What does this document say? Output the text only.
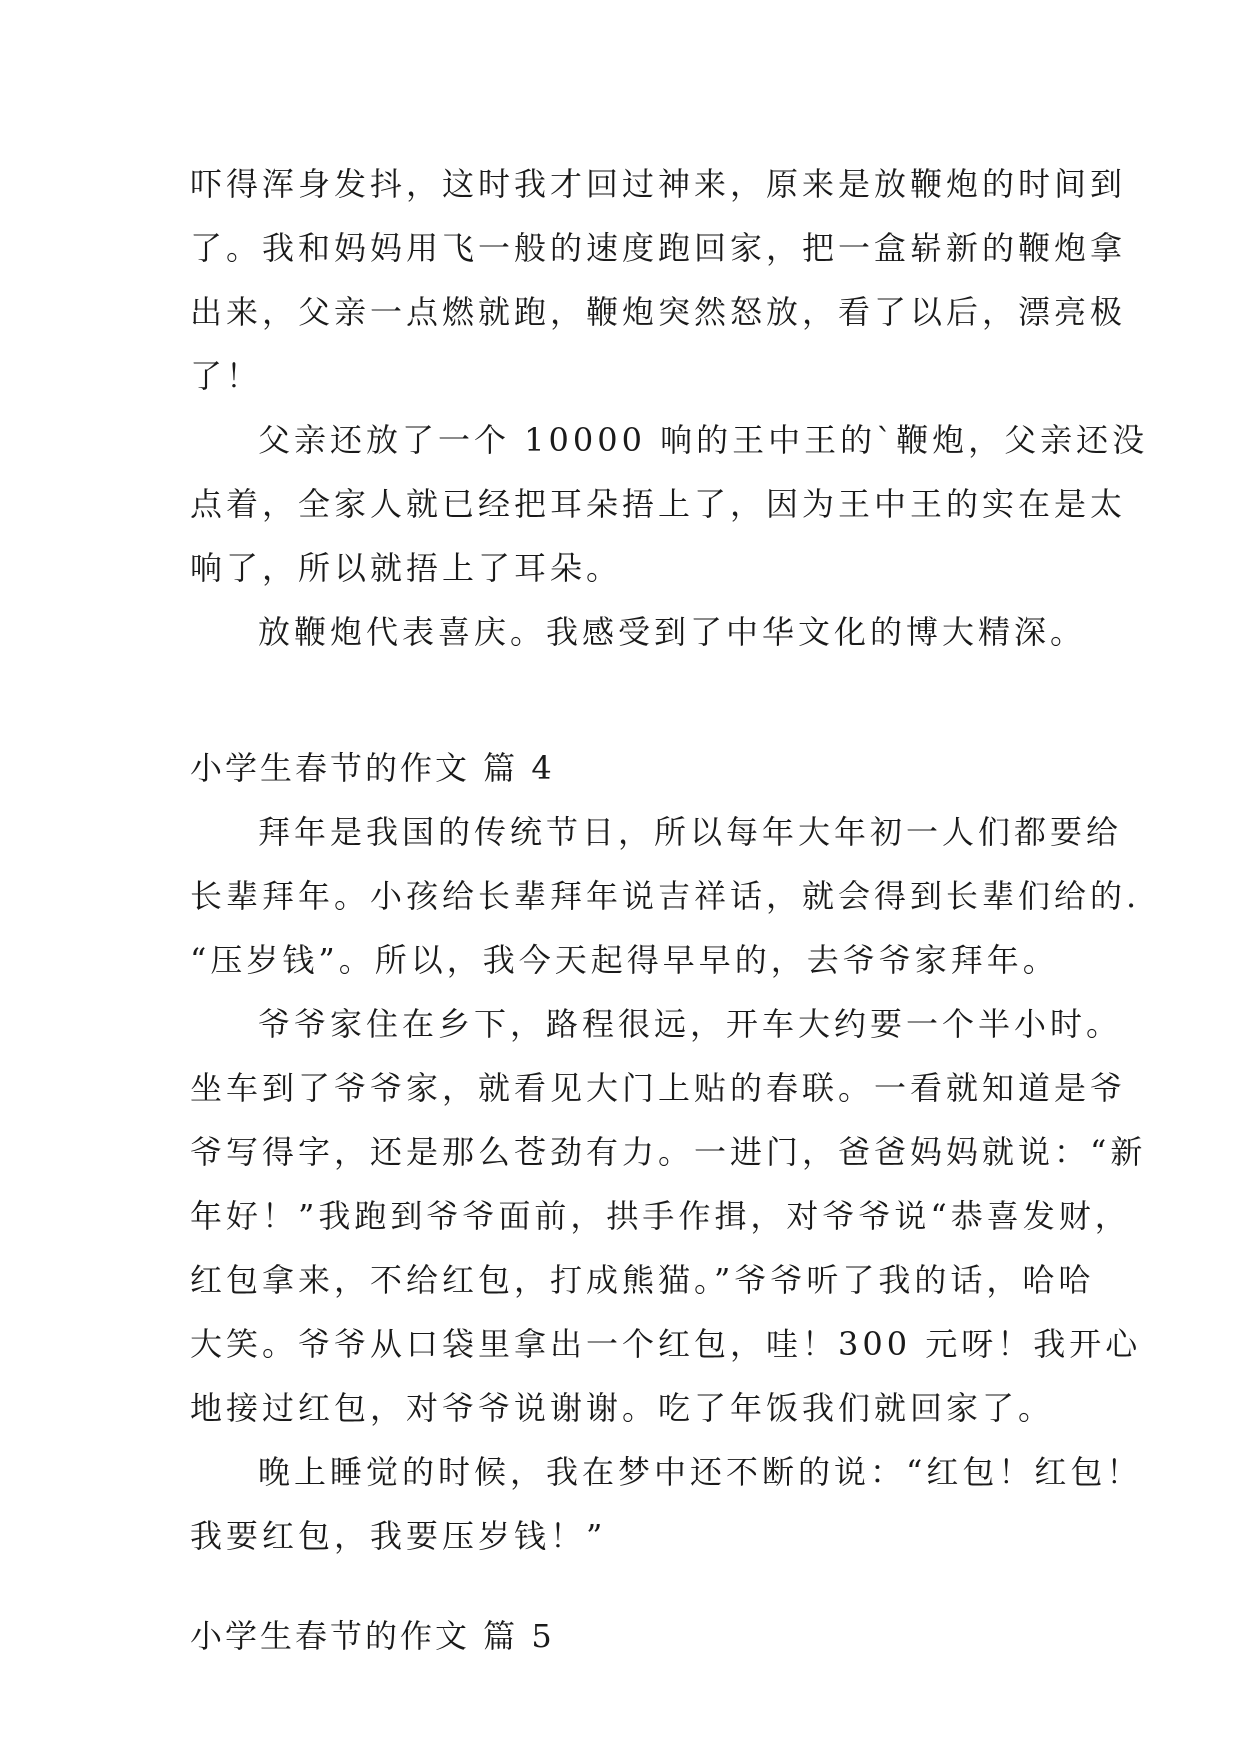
吓得浑身发抖，这时我才回过神来，原来是放鞭炮的时间到
了。我和妈妈用飞一般的速度跑回家，把一盒崭新的鞭炮拿
出来，父亲一点燃就跑，鞭炮突然怒放，看了以后，漂亮极
了！
父亲还放了一个 10000 响的王中王的`鞭炮，父亲还没
点着，全家人就已经把耳朵捂上了，因为王中王的实在是太
响了，所以就捂上了耳朵。
放鞭炮代表喜庆。我感受到了中华文化的博大精深。
小学生春节的作文 篇 4
拜年是我国的传统节日，所以每年大年初一人们都要给
长辈拜年。小孩给长辈拜年说吉祥话，就会得到长辈们给的.
“压岁钱”。所以，我今天起得早早的，去爷爷家拜年。
爷爷家住在乡下，路程很远，开车大约要一个半小时。
坐车到了爷爷家，就看见大门上贴的春联。一看就知道是爷
爷写得字，还是那么苍劲有力。一进门，爸爸妈妈就说：“新
年好！”我跑到爷爷面前，拱手作揖，对爷爷说“恭喜发财，
红包拿来，不给红包，打成熊猫。”爷爷听了我的话，哈哈
大笑。爷爷从口袋里拿出一个红包，哇！300 元呀！我开心
地接过红包，对爷爷说谢谢。吃了年饭我们就回家了。
晚上睡觉的时候，我在梦中还不断的说：“红包！红包！
我要红包，我要压岁钱！”
小学生春节的作文 篇 5
